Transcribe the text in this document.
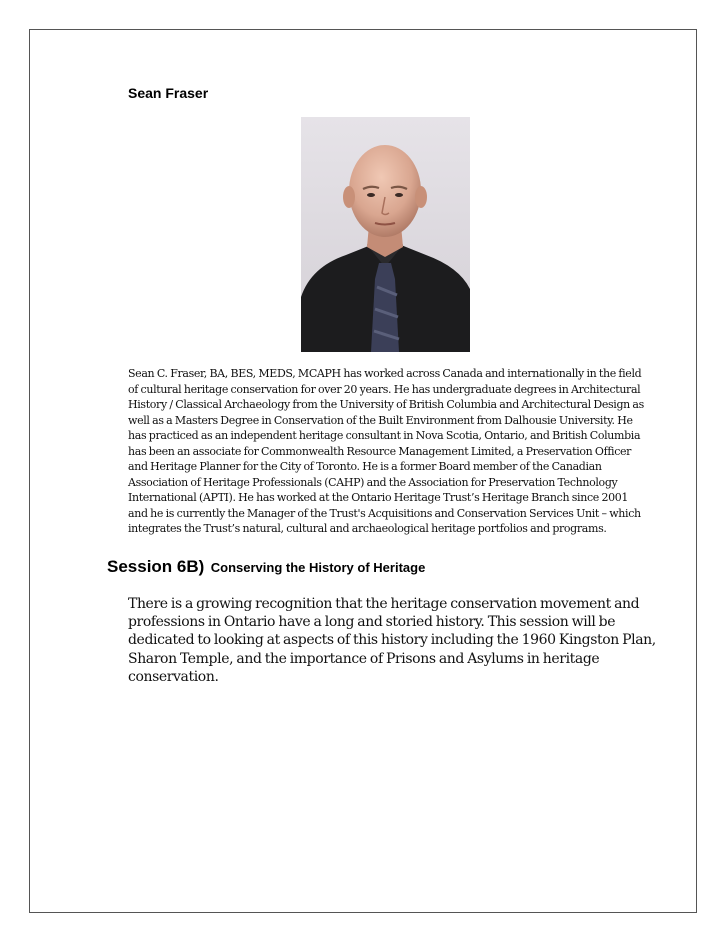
Sean Fraser
Sean C. Fraser, BA, BES, MEDS, MCAPH has worked across Canada and internationally in the field of cultural heritage conservation for over 20 years. He has undergraduate degrees in Architectural History / Classical Archaeology from the University of British Columbia and Architectural Design as well as a Masters Degree in Conservation of the Built Environment from Dalhousie University. He has practiced as an independent heritage consultant in Nova Scotia, Ontario, and British Columbia has been an associate for Commonwealth Resource Management Limited, a Preservation Officer and Heritage Planner for the City of Toronto. He is a former Board member of the Canadian Association of Heritage Professionals (CAHP) and the Association for Preservation Technology International (APTI). He has worked at the Ontario Heritage Trust’s Heritage Branch since 2001 and he is currently the Manager of the Trust's Acquisitions and Conservation Services Unit – which integrates the Trust’s natural, cultural and archaeological heritage portfolios and programs.
Session 6B) Conserving the History of Heritage
There is a growing recognition that the heritage conservation movement and professions in Ontario have a long and storied history. This session will be dedicated to looking at aspects of this history including the 1960 Kingston Plan, Sharon Temple, and the importance of Prisons and Asylums in heritage conservation.
